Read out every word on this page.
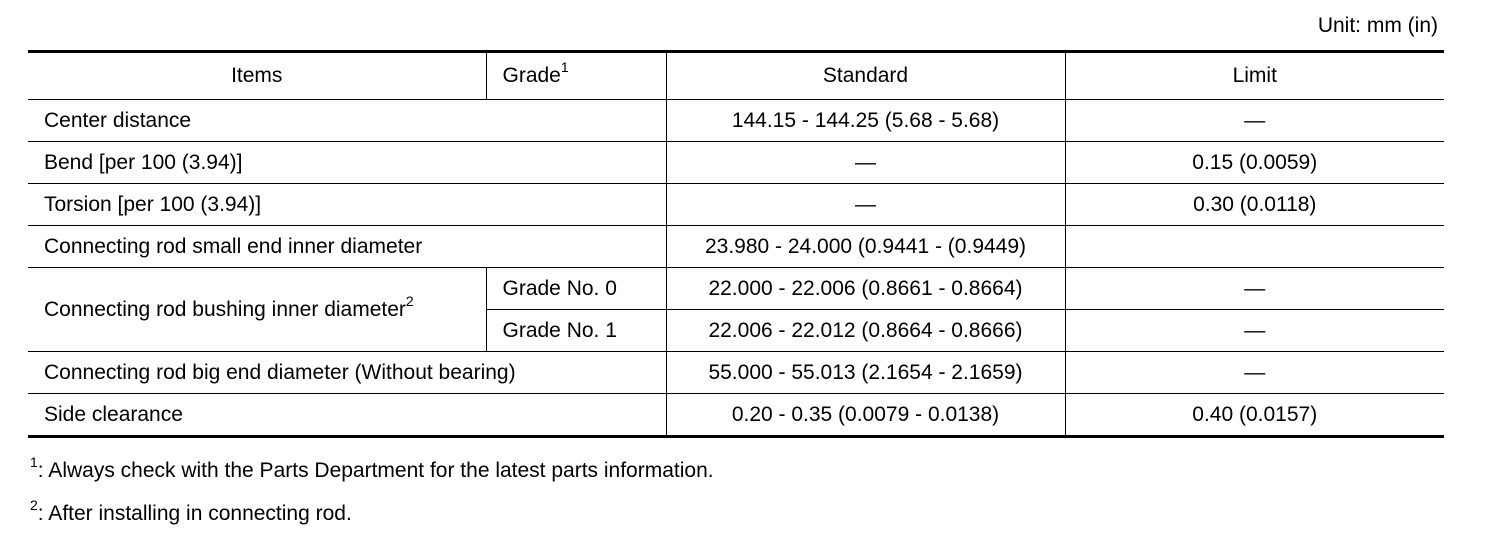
Unit: mm (in)
Items	Grade$^1$	Standard	Limit
Center distance		144.15 - 144.25 (5.68 - 5.68)	—
Bend [per 100 (3.94)]		—	0.15 (0.0059)
Torsion [per 100 (3.94)]		—	0.30 (0.0118)
Connecting rod small end inner diameter		23.980 - 24.000 (0.9441 - (0.9449)	
Connecting rod bushing inner diameter$^2$	Grade No. 0	22.000 - 22.006 (0.8661 - 0.8664)	—
	Grade No. 1	22.006 - 22.012 (0.8664 - 0.8666)	—
Connecting rod big end diameter (Without bearing)		55.000 - 55.013 (2.1654 - 2.1659)	—
Side clearance		0.20 - 0.35 (0.0079 - 0.0138)	0.40 (0.0157)
$^1$: Always check with the Parts Department for the latest parts information.
$^2$: After installing in connecting rod.
